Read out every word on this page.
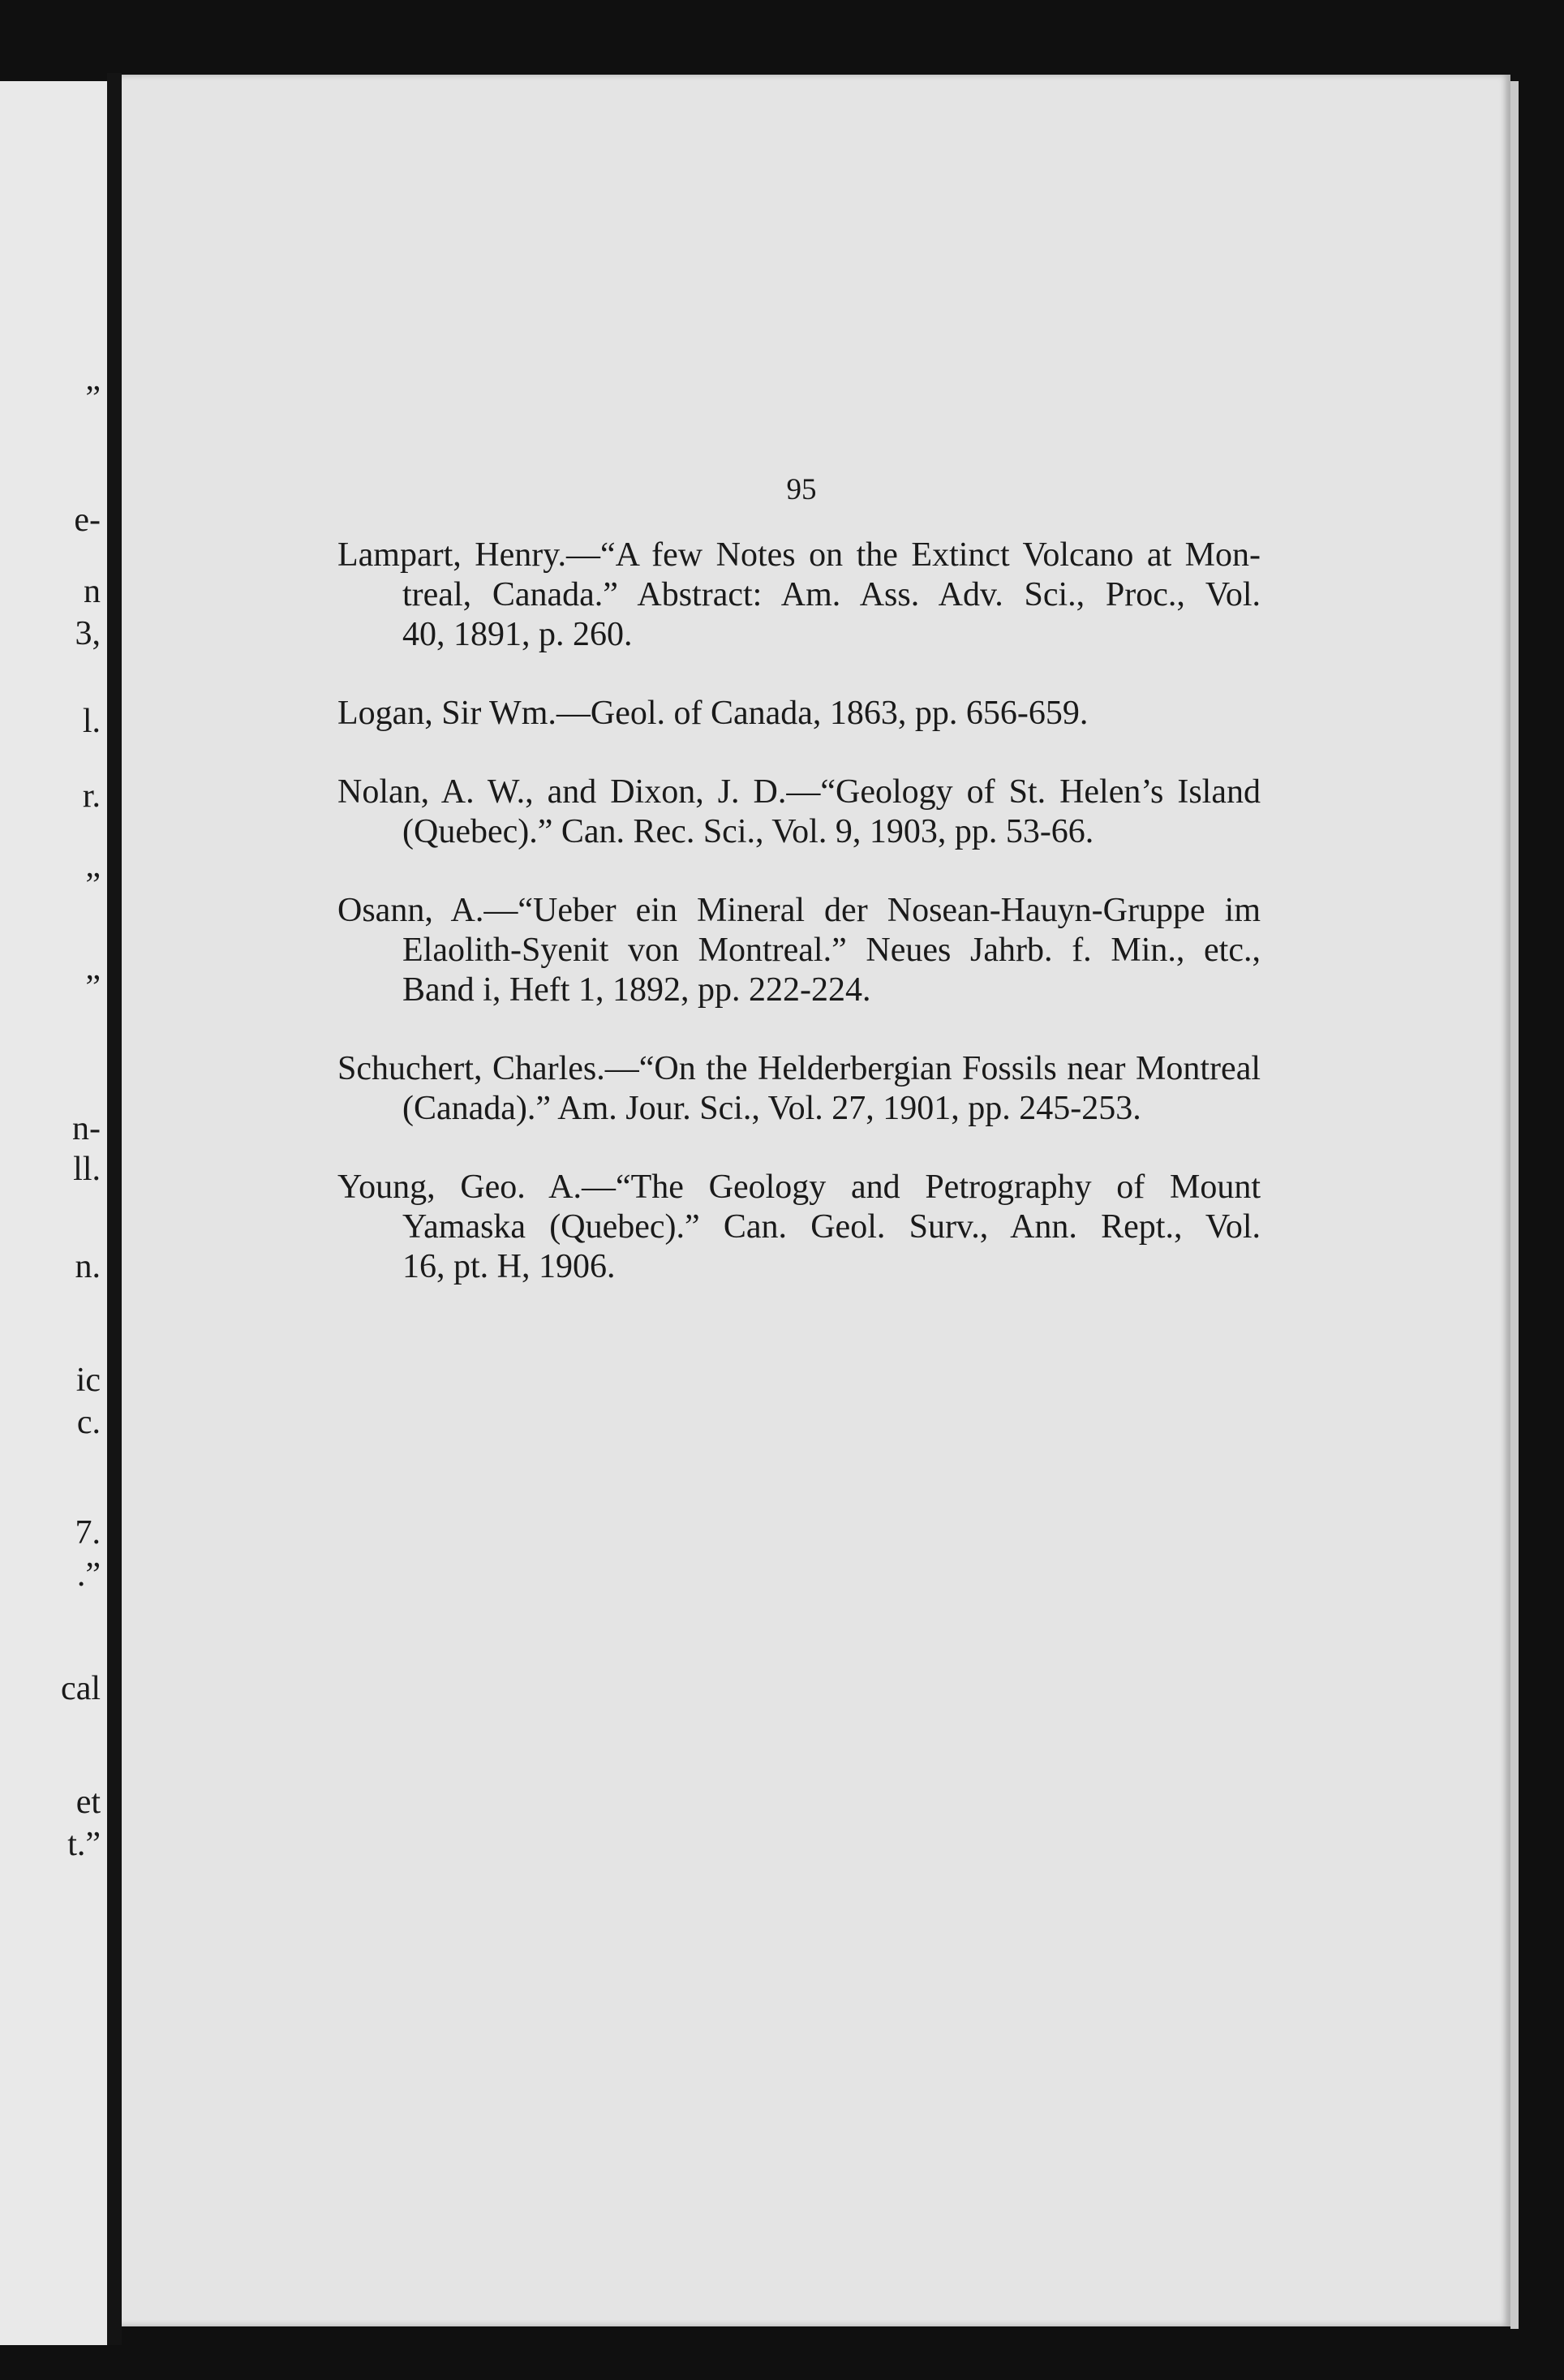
”
e-
n
3,
l.
r.
”
”
n-
ll.
n.
ic
c.
7.
.”
cal
et
t.”
95
Lampart, Henry.—“A few Notes on the Extinct Volcano at Mon-
treal, Canada.” Abstract: Am. Ass. Adv. Sci., Proc., Vol.
40, 1891, p. 260.
Logan, Sir Wm.—Geol. of Canada, 1863, pp. 656-659.
Nolan, A. W., and Dixon, J. D.—“Geology of St. Helen’s Island
(Quebec).” Can. Rec. Sci., Vol. 9, 1903, pp. 53-66.
Osann, A.—“Ueber ein Mineral der Nosean-Hauyn-Gruppe im
Elaolith-Syenit von Montreal.” Neues Jahrb. f. Min., etc.,
Band i, Heft 1, 1892, pp. 222-224.
Schuchert, Charles.—“On the Helderbergian Fossils near Montreal
(Canada).” Am. Jour. Sci., Vol. 27, 1901, pp. 245-253.
Young, Geo. A.—“The Geology and Petrography of Mount
Yamaska (Quebec).” Can. Geol. Surv., Ann. Rept., Vol.
16, pt. H, 1906.
